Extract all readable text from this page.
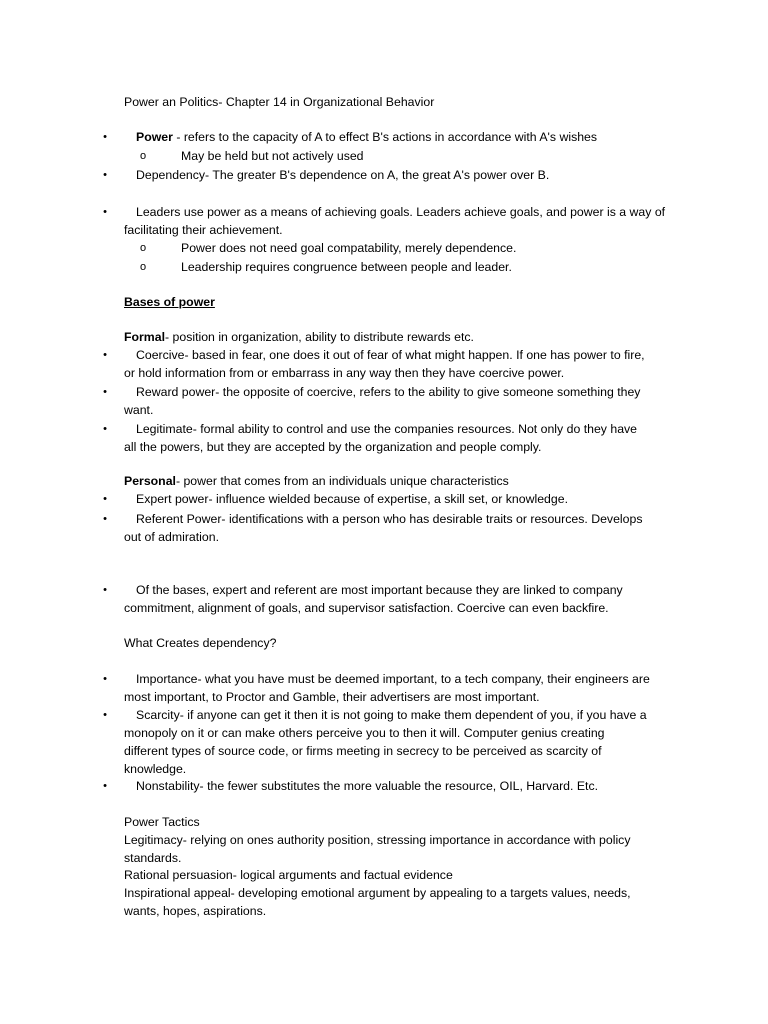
Power an Politics- Chapter 14 in Organizational Behavior
•	Power - refers to the capacity of A to effect B's actions in accordance with A's wishes
o	May be held but not actively used
•	Dependency- The greater B's dependence on A, the great A's power over B.
•	Leaders use power as a means of achieving goals. Leaders achieve goals, and power is a way of
facilitating their achievement.
o	Power does not need goal compatability, merely dependence.
o	Leadership requires congruence between people and leader.
Bases of power
Formal- position in organization, ability to distribute rewards etc.
•	Coercive- based in fear, one does it out of fear of what might happen. If one has power to fire,
or hold information from or embarrass in any way then they have coercive power.
•	Reward power- the opposite of coercive, refers to the ability to give someone something they
want.
•	Legitimate- formal ability to control and use the companies resources. Not only do they have
all the powers, but they are accepted by the organization and people comply.
Personal- power that comes from an individuals unique characteristics
•	Expert power- influence wielded because of expertise, a skill set, or knowledge.
•	Referent Power- identifications with a person who has desirable traits or resources. Develops
out of admiration.
•	Of the bases, expert and referent are most important because they are linked to company
commitment, alignment of goals, and supervisor satisfaction. Coercive can even backfire.
What Creates dependency?
•	Importance- what you have must be deemed important, to a tech company, their engineers are
most important, to Proctor and Gamble, their advertisers are most important.
•	Scarcity- if anyone can get it then it is not going to make them dependent of you, if you have a
monopoly on it or can make others perceive you to then it will. Computer genius creating
different types of source code, or firms meeting in secrecy to be perceived as scarcity of
knowledge.
•	Nonstability- the fewer substitutes the more valuable the resource, OIL, Harvard. Etc.
Power Tactics
Legitimacy- relying on ones authority position, stressing importance in accordance with policy
standards.
Rational persuasion- logical arguments and factual evidence
Inspirational appeal- developing emotional argument by appealing to a targets values, needs,
wants, hopes, aspirations.
